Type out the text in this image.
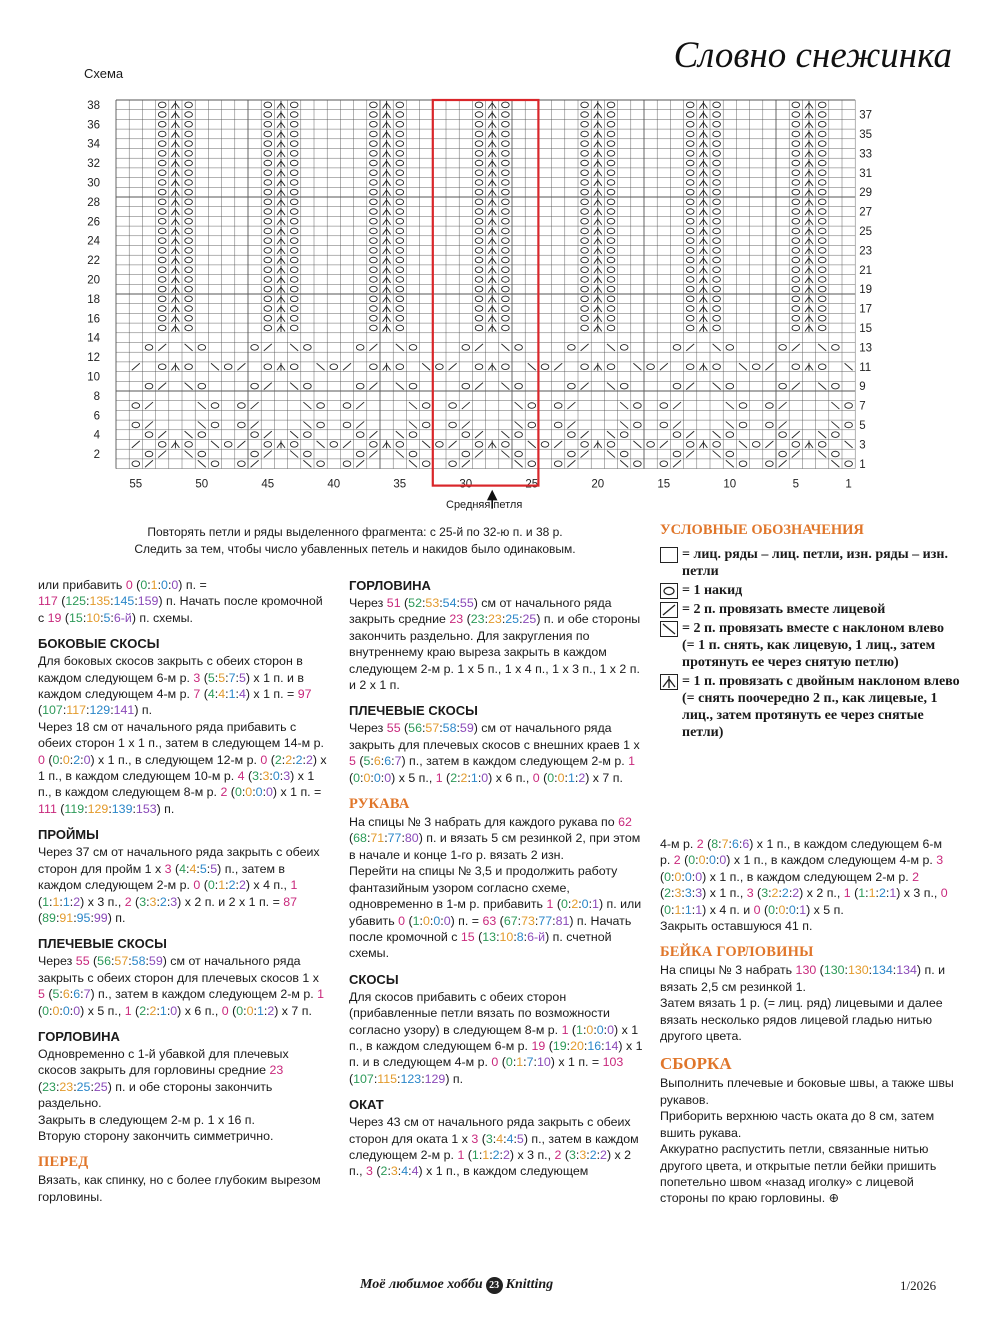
Словно снежинка
Схема
38
36
34
32
30
28
26
24
22
20
18
16
14
12
10
8
6
4
2
37
35
33
31
29
27
25
23
21
19
17
15
13
11
9
7
5
3
1
55	50	45	40	35	30	25	20	15	10	5	1
Средняя петля
Повторять петли и ряды выделенного фрагмента: с 25-й по 32-ю п. и 38 р.
Следить за тем, чтобы число убавленных петель и накидов было одинаковым.
УСЛОВНЫЕ ОБОЗНАЧЕНИЯ
= лиц. ряды – лиц. петли, изн. ряды – изн. петли
= 1 накид
= 2 п. провязать вместе лицевой
= 2 п. провязать вместе с наклоном влево (= 1 п. снять, как лицевую, 1 лиц., затем протянуть ее через снятую петлю)
= 1 п. провязать с двойным наклоном влево (= снять поочередно 2 п., как лицевые, 1 лиц., затем протянуть ее через снятые петли)

или прибавить 0 (0:1:0:0) п. =

117 (125:135:145:159) п. Начать после кромочной с 19 (15:10:5:6-й) п. схемы.

БОКОВЫЕ СКОСЫ

Для боковых скосов закрыть с обеих сторон в каждом следующем 6-м р. 3 (5:5:7:5) x 1 п. и в каждом следующем 4-м р. 7 (4:4:1:4) x 1 п. = 97 (107:117:129:141) п.

Через 18 см от начального ряда прибавить с обеих сторон 1 x 1 п., затем в следующем 14-м р. 0 (0:0:2:0) x 1 п., в следующем 12-м р. 0 (2:2:2:2) x 1 п., в каждом следующем 10-м р. 4 (3:3:0:3) x 1 п., в каждом следующем 8-м р. 2 (0:0:0:0) x 1 п. = 111 (119:129:139:153) п.

ПРОЙМЫ

Через 37 см от начального ряда закрыть с обеих сторон для пройм 1 x 3 (4:4:5:5) п., затем в каждом следующем 2-м р. 0 (0:1:2:2) x 4 п., 1 (1:1:1:2) x 3 п., 2 (3:3:2:3) x 2 п. и 2 x 1 п. = 87 (89:91:95:99) п.

ПЛЕЧЕВЫЕ СКОСЫ

Через 55 (56:57:58:59) см от начального ряда закрыть с обеих сторон для плечевых скосов 1 x 5 (5:6:6:7) п., затем в каждом следующем 2-м р. 1 (0:0:0:0) x 5 п., 1 (2:2:1:0) x 6 п., 0 (0:0:1:2) x 7 п.

ГОРЛОВИНА

Одновременно с 1-й убавкой для плечевых скосов закрыть для горловины средние 23 (23:23:25:25) п. и обе стороны закончить раздельно.

Закрыть в следующем 2-м р. 1 x 16 п.

Вторую сторону закончить симметрично.

ПЕРЕД

Вязать, как спинку, но с более глубоким вырезом горловины.

ГОРЛОВИНА

Через 51 (52:53:54:55) см от начального ряда закрыть средние 23 (23:23:25:25) п. и обе стороны закончить раздельно. Для закругления по внутреннему краю выреза закрыть в каждом следующем 2-м р. 1 x 5 п., 1 x 4 п., 1 x 3 п., 1 x 2 п. и 2 x 1 п.

ПЛЕЧЕВЫЕ СКОСЫ

Через 55 (56:57:58:59) см от начального ряда закрыть для плечевых скосов с внешних краев 1 x 5 (5:6:6:7) п., затем в каждом следующем 2-м р. 1 (0:0:0:0) x 5 п., 1 (2:2:1:0) x 6 п., 0 (0:0:1:2) x 7 п.

РУКАВА

На спицы № 3 набрать для каждого рукава по 62 (68:71:77:80) п. и вязать 5 см резинкой 2, при этом в начале и конце 1-го р. вязать 2 изн.

Перейти на спицы № 3,5 и продолжить работу фантазийным узором согласно схеме, одновременно в 1-м р. прибавить 1 (0:2:0:1) п. или убавить 0 (1:0:0:0) п. = 63 (67:73:77:81) п. Начать после кромочной с 15 (13:10:8:6-й) п. счетной схемы.

СКОСЫ

Для скосов прибавить с обеих сторон (прибавленные петли вязать по возможности согласно узору) в следующем 8-м р. 1 (1:0:0:0) x 1 п., в каждом следующем 6-м р. 19 (19:20:16:14) x 1 п. и в следующем 4-м р. 0 (0:1:7:10) x 1 п. = 103 (107:115:123:129) п.

ОКАТ

Через 43 см от начального ряда закрыть с обеих сторон для оката 1 x 3 (3:4:4:5) п., затем в каждом следующем 2-м р. 1 (1:1:2:2) x 3 п., 2 (3:3:2:2) x 2 п., 3 (2:3:4:4) x 1 п., в каждом следующем

4-м р. 2 (8:7:6:6) x 1 п., в каждом следующем 6-м р. 2 (0:0:0:0) x 1 п., в каждом следующем 4-м р. 3 (0:0:0:0) x 1 п., в каждом следующем 2-м р. 2 (2:3:3:3) x 1 п., 3 (3:2:2:2) x 2 п., 1 (1:1:2:1) x 3 п., 0 (0:1:1:1) x 4 п. и 0 (0:0:0:1) x 5 п.

Закрыть оставшуюся 41 п.

БЕЙКА ГОРЛОВИНЫ

На спицы № 3 набрать 130 (130:130:134:134) п. и вязать 2,5 см резинкой 1.

Затем вязать 1 р. (= лиц. ряд) лицевыми и далее вязать несколько рядов лицевой гладью нитью другого цвета.

СБОРКА

Выполнить плечевые и боковые швы, а также швы рукавов.

Приборить верхнюю часть оката до 8 см, затем вшить рукава.

Аккуратно распустить петли, связанные нитью другого цвета, и открытые петли бейки пришить попетельно швом «назад иголку» с лицевой стороны по краю горловины. ⊕

Моё любимое хобби 23 Knitting	1/2026
